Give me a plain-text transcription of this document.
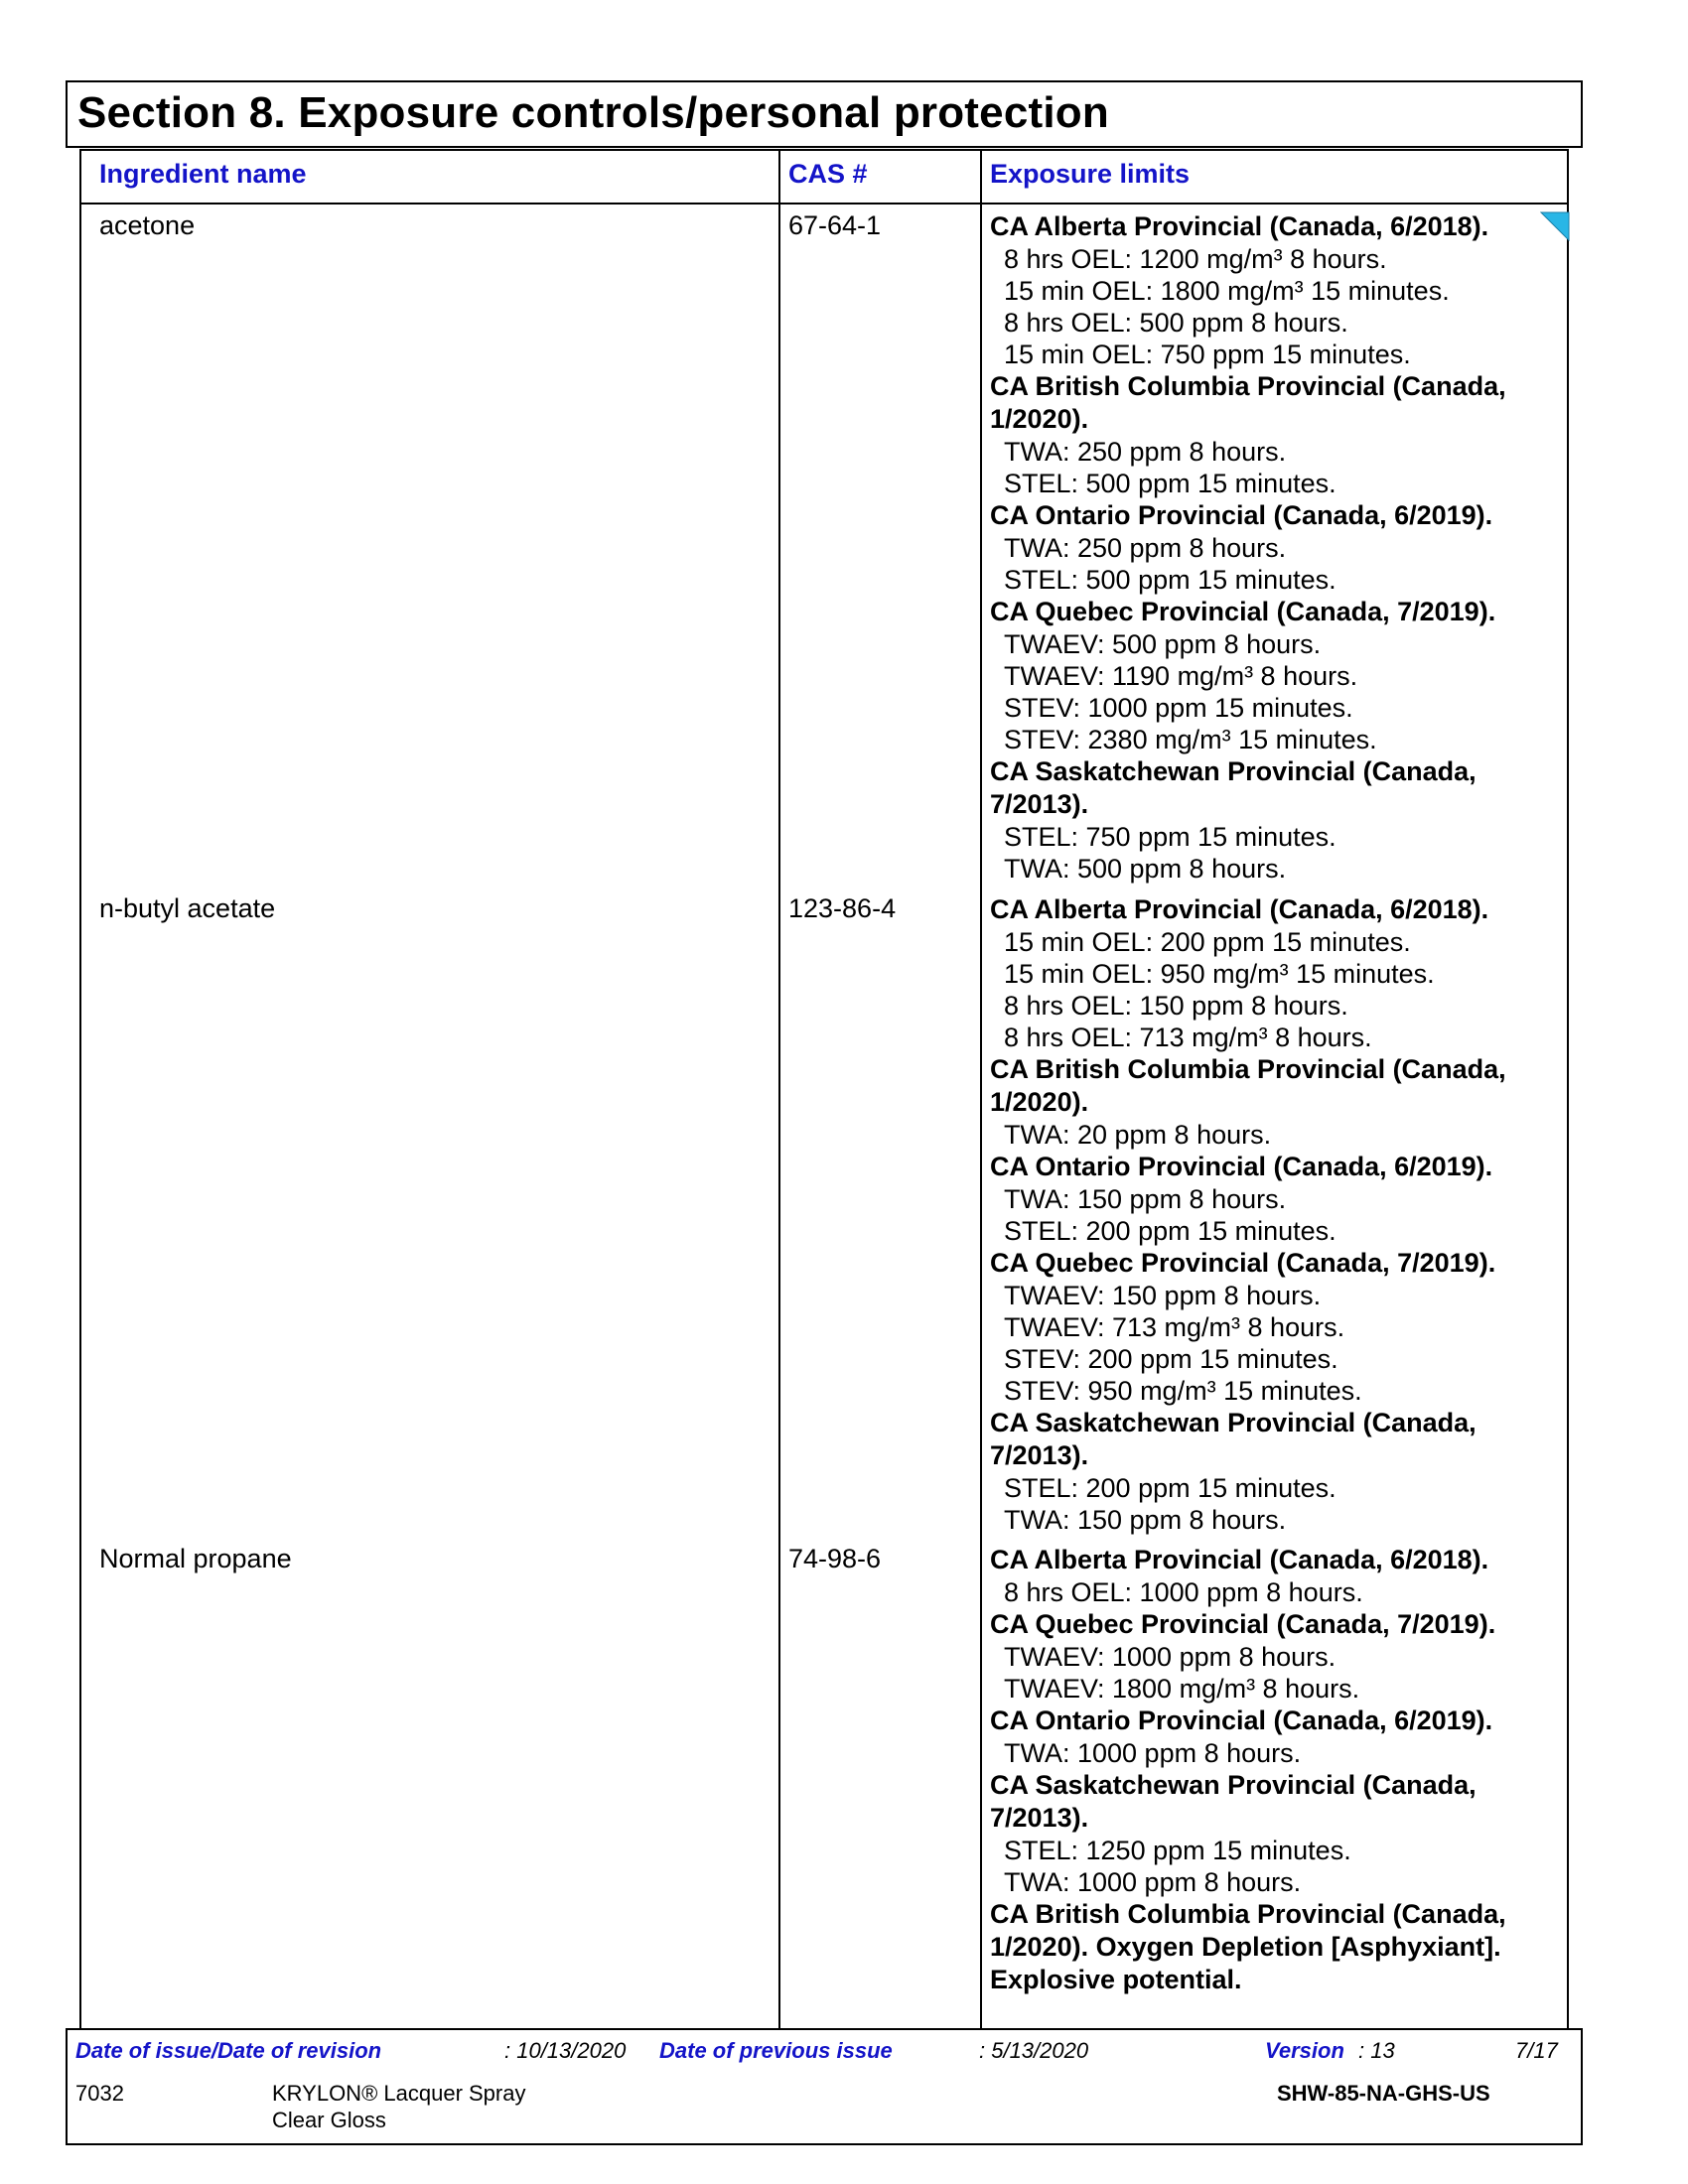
Section 8. Exposure controls/personal protection
Ingredient name	CAS #	Exposure limits
acetone	67-64-1	CA Alberta Provincial (Canada, 6/2018).
8 hrs OEL: 1200 mg/m³ 8 hours.
15 min OEL: 1800 mg/m³ 15 minutes.
8 hrs OEL: 500 ppm 8 hours.
15 min OEL: 750 ppm 15 minutes.
CA British Columbia Provincial (Canada, 1/2020).
TWA: 250 ppm 8 hours.
STEL: 500 ppm 15 minutes.
CA Ontario Provincial (Canada, 6/2019).
TWA: 250 ppm 8 hours.
STEL: 500 ppm 15 minutes.
CA Quebec Provincial (Canada, 7/2019).
TWAEV: 500 ppm 8 hours.
TWAEV: 1190 mg/m³ 8 hours.
STEV: 1000 ppm 15 minutes.
STEV: 2380 mg/m³ 15 minutes.
CA Saskatchewan Provincial (Canada, 7/2013).
STEL: 750 ppm 15 minutes.
TWA: 500 ppm 8 hours.
n-butyl acetate	123-86-4	CA Alberta Provincial (Canada, 6/2018).
15 min OEL: 200 ppm 15 minutes.
15 min OEL: 950 mg/m³ 15 minutes.
8 hrs OEL: 150 ppm 8 hours.
8 hrs OEL: 713 mg/m³ 8 hours.
CA British Columbia Provincial (Canada, 1/2020).
TWA: 20 ppm 8 hours.
CA Ontario Provincial (Canada, 6/2019).
TWA: 150 ppm 8 hours.
STEL: 200 ppm 15 minutes.
CA Quebec Provincial (Canada, 7/2019).
TWAEV: 150 ppm 8 hours.
TWAEV: 713 mg/m³ 8 hours.
STEV: 200 ppm 15 minutes.
STEV: 950 mg/m³ 15 minutes.
CA Saskatchewan Provincial (Canada, 7/2013).
STEL: 200 ppm 15 minutes.
TWA: 150 ppm 8 hours.
Normal propane	74-98-6	CA Alberta Provincial (Canada, 6/2018).
8 hrs OEL: 1000 ppm 8 hours.
CA Quebec Provincial (Canada, 7/2019).
TWAEV: 1000 ppm 8 hours.
TWAEV: 1800 mg/m³ 8 hours.
CA Ontario Provincial (Canada, 6/2019).
TWA: 1000 ppm 8 hours.
CA Saskatchewan Provincial (Canada, 7/2013).
STEL: 1250 ppm 15 minutes.
TWA: 1000 ppm 8 hours.
CA British Columbia Provincial (Canada, 1/2020). Oxygen Depletion [Asphyxiant]. Explosive potential.
Date of issue/Date of revision	: 10/13/2020 Date of previous issue	: 5/13/2020	Version : 13	7/17
7032	KRYLON® Lacquer Spray
Clear Gloss
SHW-85-NA-GHS-US
